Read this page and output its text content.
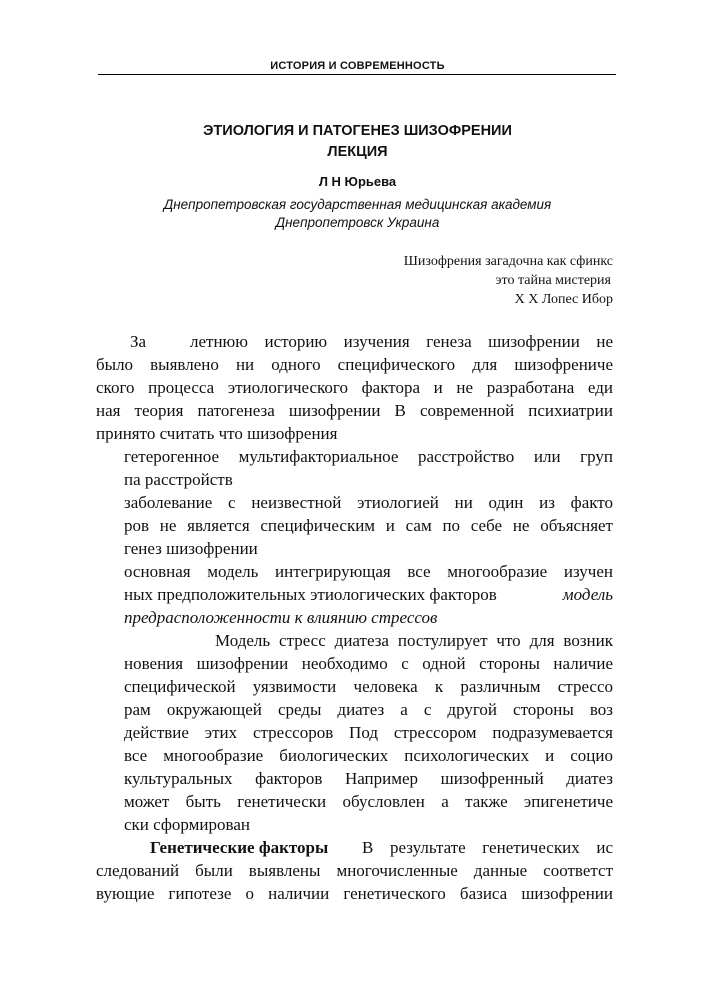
ИСТОРИЯ И СОВРЕМЕННОСТЬ
ЭТИОЛОГИЯ И ПАТОГЕНЕЗ ШИЗОФРЕНИИ
ЛЕКЦИЯ
Л Н Юрьева
Днепропетровская государственная медицинская академия
Днепропетровск Украина
Шизофрения загадочна как сфинкс
это тайна мистерия
Х Х Лопес Ибор
За	летнюю историю изучения генеза шизофрении не
было выявлено ни одного специфического для шизофрениче
ского процесса этиологического фактора и не разработана еди
ная теория патогенеза шизофрении В современной психиатрии
принято считать что шизофрения
гетерогенное мультифакториальное расстройство или груп
па расстройств
заболевание с неизвестной этиологией ни один из факто
ров не является специфическим и сам по себе не объясняет
генез шизофрении
основная модель интегрирующая все многообразие изучен
ных предположительных этиологических факторов	модель
предрасположенности к влиянию стрессов
Модель стресс диатеза постулирует что для возник
новения шизофрении необходимо с одной стороны наличие
специфической уязвимости человека к различным стрессо
рам окружающей среды диатез а с другой стороны воз
действие этих стрессоров Под стрессором подразумевается
все многообразие биологических психологических и социо
культуральных факторов Например шизофренный диатез
может быть генетически обусловлен а также эпигенетиче
ски сформирован
Генетические факторы В результате генетических ис
следований были выявлены многочисленные данные соответст
вующие гипотезе о наличии генетического базиса шизофрении
